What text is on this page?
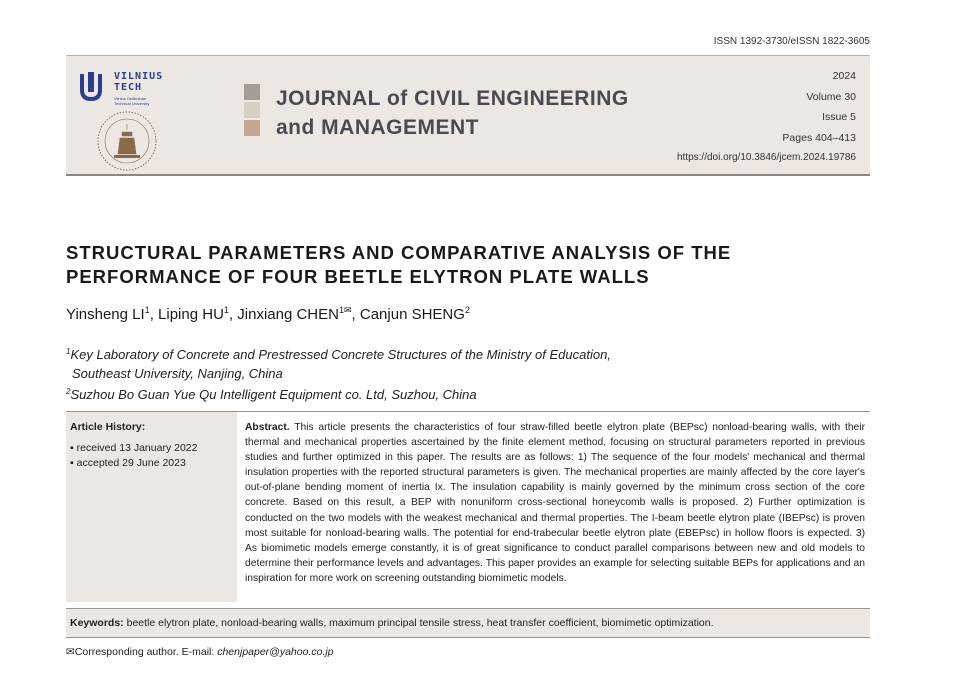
ISSN 1392-3730/eISSN 1822-3605
VILNIUS
TECH
Vilnius Gediminas
Technical University	JOURNAL of CIVIL ENGINEERING
and MANAGEMENT
2024
Volume 30
Issue 5
Pages 404–413
https://doi.org/10.3846/jcem.2024.19786
STRUCTURAL PARAMETERS AND COMPARATIVE ANALYSIS OF THE
PERFORMANCE OF FOUR BEETLE ELYTRON PLATE WALLS
Yinsheng $LI^1$, Liping $HU^1$, Jinxiang $CHEN^{1✉}$, Canjun SHENG$^2$
$^1$Key Laboratory of Concrete and Prestressed Concrete Structures of the Ministry of Education,
Southeast University, Nanjing, China
$^2$Suzhou Bo Guan Yue Qu Intelligent Equipment co. Ltd, Suzhou, China
Article History:
▪ received 13 January 2022
▪ accepted 29 June 2023
Abstract. This article presents the characteristics of four straw-filled beetle elytron plate (BEPsc) nonload-bearing walls, with their thermal and mechanical properties ascertained by the finite element method, focusing on structural parameters reported in previous studies and further optimized in this paper. The results are as follows: 1) The sequence of the four models' mechanical and thermal insulation properties with the reported structural parameters is given. The mechanical properties are mainly affected by the core layer's out-of-plane bending moment of inertia Ix. The insulation capability is mainly governed by the minimum cross section of the core concrete. Based on this result, a BEP with nonuniform cross-sectional honeycomb walls is proposed. 2) Further optimization is conducted on the two models with the weakest mechanical and thermal properties. The I-beam beetle elytron plate (IBEPsc) is proven most suitable for nonload-bearing walls. The potential for end-trabecular beetle elytron plate (EBEPsc) in hollow floors is expected. 3) As biomimetic models emerge constantly, it is of great significance to conduct parallel comparisons between new and old models to determine their performance levels and advantages. This paper provides an example for selecting suitable BEPs for applications and an inspiration for more work on screening outstanding biomimetic models.
Keywords: beetle elytron plate, nonload-bearing walls, maximum principal tensile stress, heat transfer coefficient, biomimetic optimization.
✉Corresponding author. E-mail: chenjpaper@yahoo.co.jp
